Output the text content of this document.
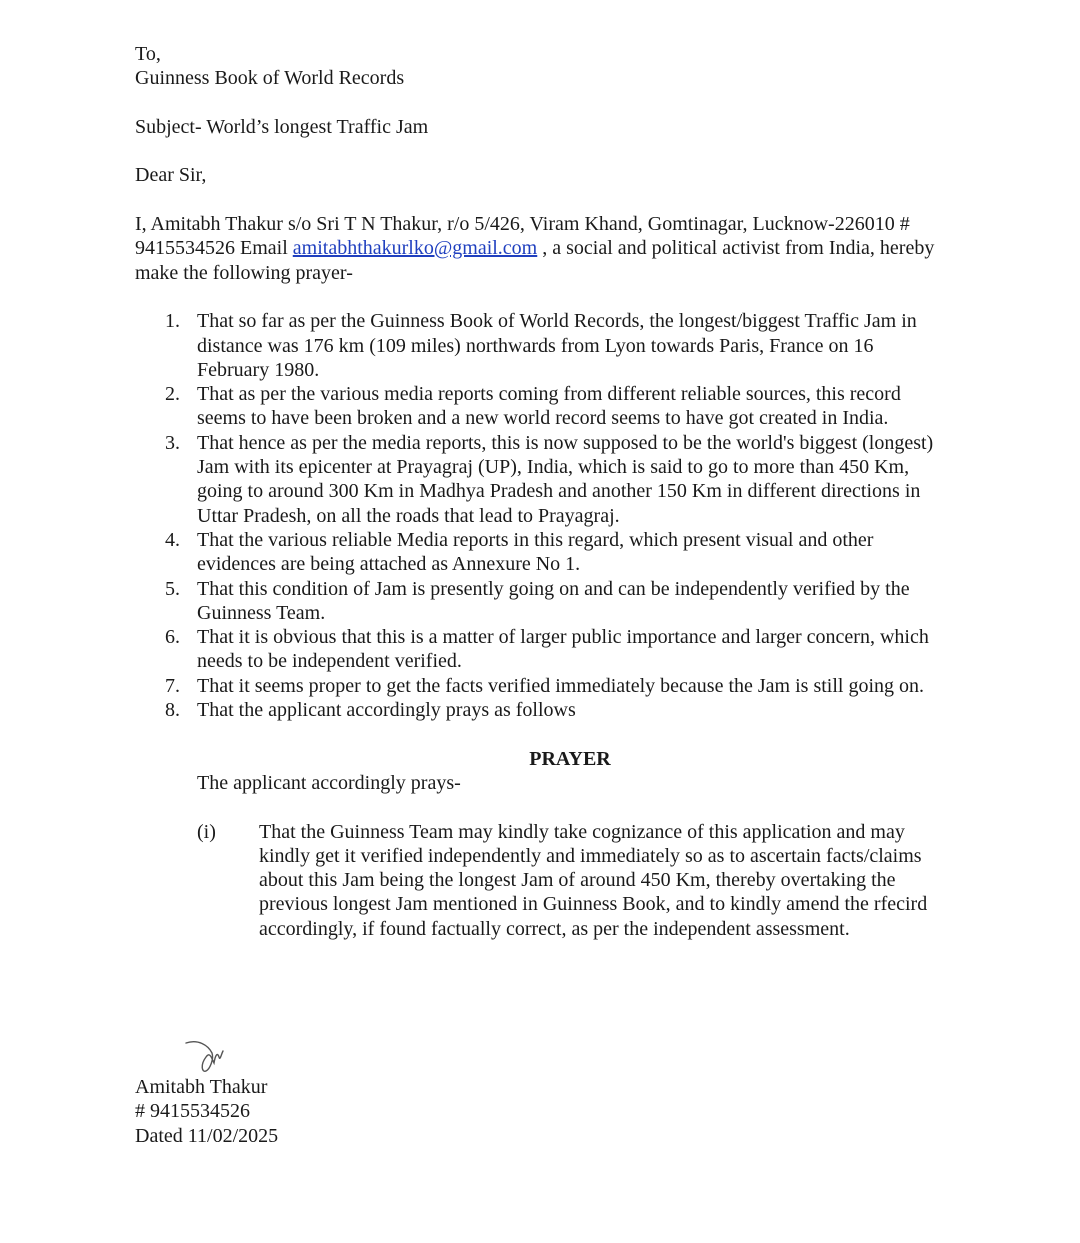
To,

Guinness Book of World Records

Subject- World’s longest Traffic Jam

Dear Sir,

I, Amitabh Thakur s/o Sri T N Thakur, r/o 5/426, Viram Khand, Gomtinagar, Lucknow-226010 # 9415534526 Email amitabhthakurlko@gmail.com , a social and political activist from India, hereby make the following prayer-

1. That so far as per the Guinness Book of World Records, the longest/biggest Traffic Jam in distance was 176 km (109 miles) northwards from Lyon towards Paris, France on 16 February 1980.
2. That as per the various media reports coming from different reliable sources, this record seems to have been broken and a new world record seems to have got created in India.
3. That hence as per the media reports, this is now supposed to be the world's biggest (longest) Jam with its epicenter at Prayagraj (UP), India, which is said to go to more than 450 Km, going to around 300 Km in Madhya Pradesh and another 150 Km in different directions in Uttar Pradesh, on all the roads that lead to Prayagraj.
4. That the various reliable Media reports in this regard, which present visual and other evidences are being attached as Annexure No 1.
5. That this condition of Jam is presently going on and can be independently verified by the Guinness Team.
6. That it is obvious that this is a matter of larger public importance and larger concern, which needs to be independent verified.
7. That it seems proper to get the facts verified immediately because the Jam is still going on.
8. That the applicant accordingly prays as follows

PRAYER

The applicant accordingly prays-

(i) That the Guinness Team may kindly take cognizance of this application and may kindly get it verified independently and immediately so as to ascertain facts/claims about this Jam being the longest Jam of around 450 Km, thereby overtaking the previous longest Jam mentioned in Guinness Book, and to kindly amend the rfecird accordingly, if found factually correct, as per the independent assessment.

Amitabh Thakur
# 9415534526
Dated 11/02/2025
